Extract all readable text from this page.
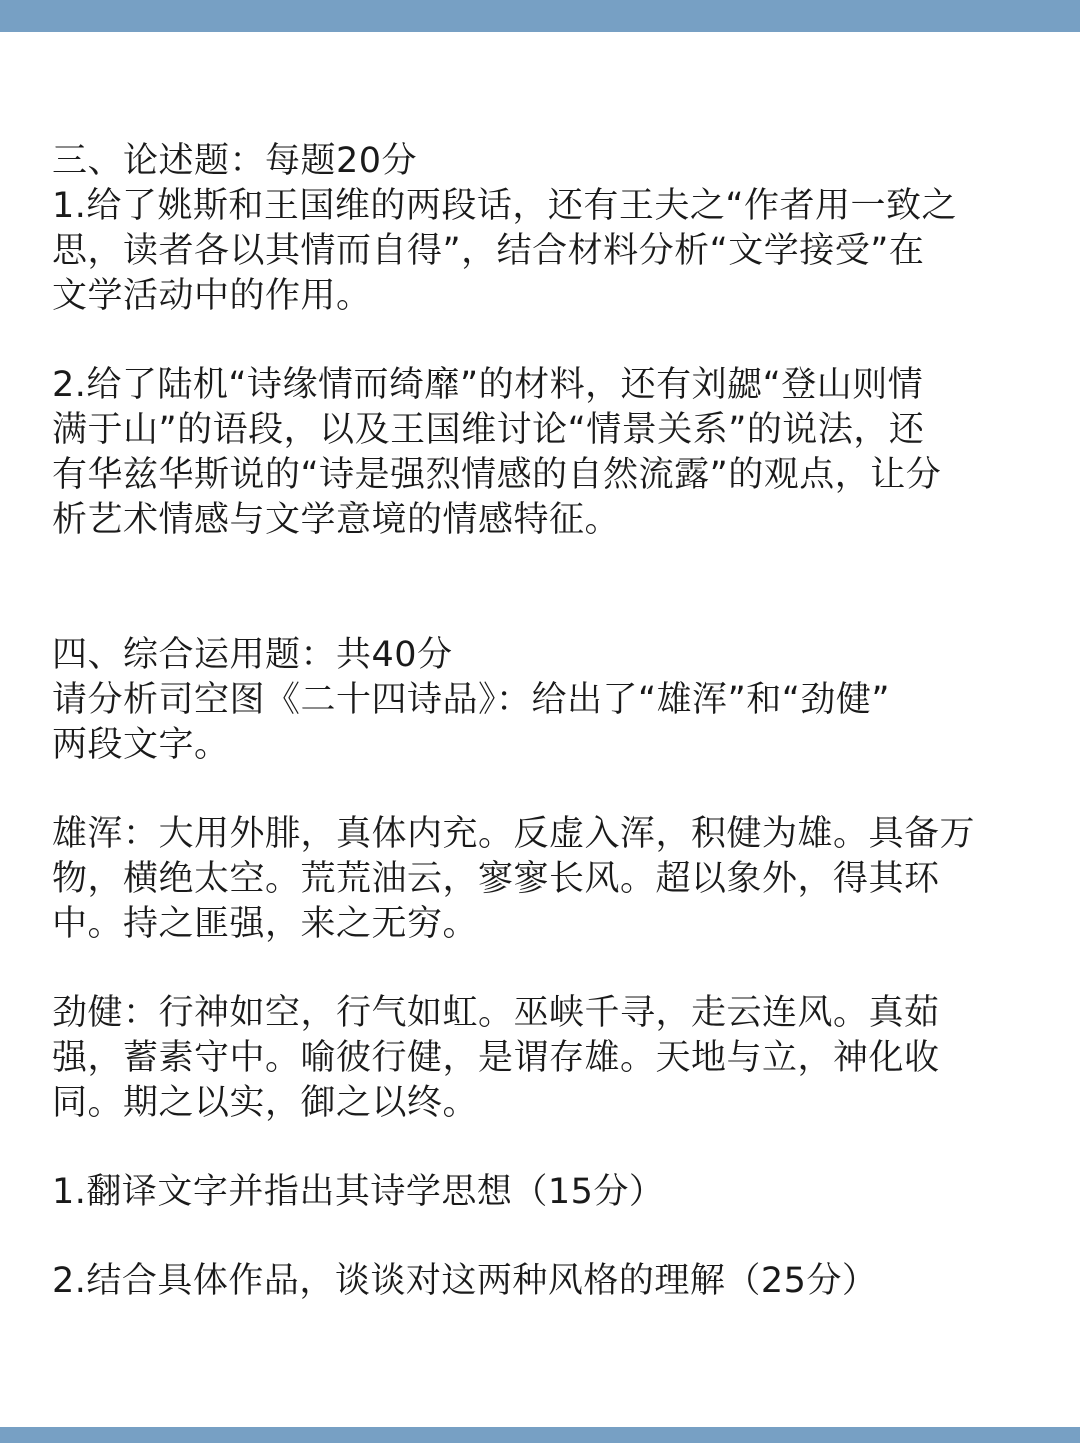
三、论述题：每题20分
1.给了姚斯和王国维的两段话，还有王夫之“作者用一致之
思，读者各以其情而自得”，结合材料分析“文学接受”在
文学活动中的作用。
2.给了陆机“诗缘情而绮靡”的材料，还有刘勰“登山则情
满于山”的语段，以及王国维讨论“情景关系”的说法，还
有华兹华斯说的“诗是强烈情感的自然流露”的观点，让分
析艺术情感与文学意境的情感特征。
四、综合运用题：共40分
请分析司空图《二十四诗品》：给出了“雄浑”和“劲健”
两段文字。
雄浑：大用外腓，真体内充。反虚入浑，积健为雄。具备万
物，横绝太空。荒荒油云，寥寥长风。超以象外，得其环
中。持之匪强，来之无穷。
劲健：行神如空，行气如虹。巫峡千寻，走云连风。真茹
强，蓄素守中。喻彼行健，是谓存雄。天地与立，神化收
同。期之以实，御之以终。
1.翻译文字并指出其诗学思想（15分）
2.结合具体作品，谈谈对这两种风格的理解（25分）
